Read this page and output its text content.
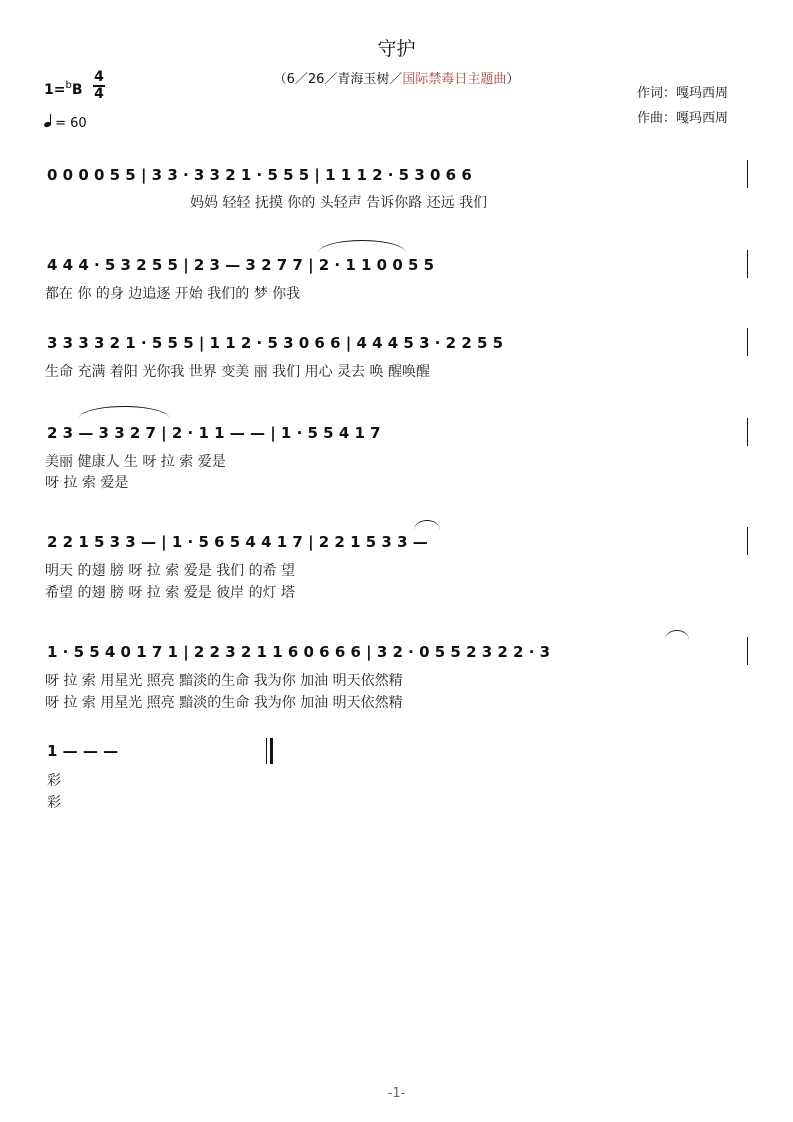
守护
（6／26／青海玉树／国际禁毒日主题曲）
作词：嘎玛西周
作曲：嘎玛西周
1=$^b$B
4
4
= 60
0 0 0 0 5 5 | 3 3 · 3 3 2 1 · 5 5 5 | 1 1 1 2 · 5 3 0 6 6
妈妈 轻轻 抚摸 你的 头轻声 告诉你路 还远 我们
4 4 4 · 5 3 2 5 5 | 2 3 — 3 2 7 7 | 2 · 1 1 0 0 5 5
都在 你 的身 边追逐 开始 我们的 梦 你我
3 3 3 3 2 1 · 5 5 5 | 1 1 2 · 5 3 0 6 6 | 4 4 4 5 3 · 2 2 5 5
生命 充满 着阳 光你我 世界 变美 丽 我们 用心 灵去 唤 醒唤醒
2 3 — 3 3 2 7 | 2 · 1 1 — — | 1 · 5 5 4 1 7
美丽 健康人 生 呀 拉 索 爱是
呀 拉 索 爱是
2 2 1 5 3 3 — | 1 · 5 6 5 4 4 1 7 | 2 2 1 5 3 3 —
明天 的翅 膀 呀 拉 索 爱是 我们 的希 望
希望 的翅 膀 呀 拉 索 爱是 彼岸 的灯 塔
1 · 5 5 4 0 1 7 1 | 2 2 3 2 1 1 6 0 6 6 6 | 3 2 · 0 5 5 2 3 2 2 · 3
呀 拉 索 用星光 照亮 黯淡的生命 我为你 加油 明天依然精
呀 拉 索 用星光 照亮 黯淡的生命 我为你 加油 明天依然精
1 — — —
彩
彩
-1-
